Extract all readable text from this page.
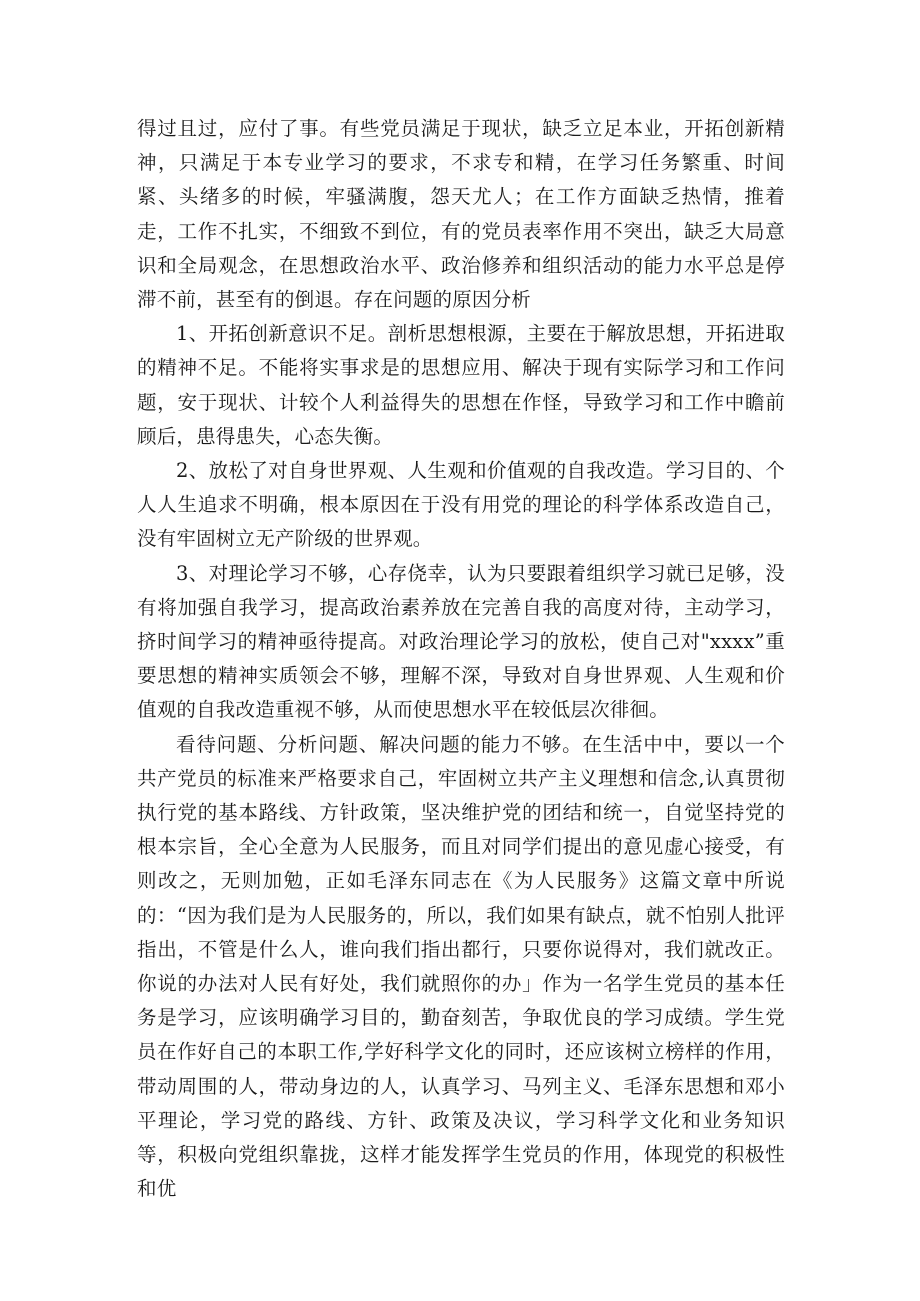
得过且过，应付了事。有些党员满足于现状，缺乏立足本业，开拓创新精神，只满足于本专业学习的要求，不求专和精，在学习任务繁重、时间紧、头绪多的时候，牢骚满腹，怨天尤人；在工作方面缺乏热情，推着走，工作不扎实，不细致不到位，有的党员表率作用不突出，缺乏大局意识和全局观念，在思想政治水平、政治修养和组织活动的能力水平总是停滞不前，甚至有的倒退。存在问题的原因分析

1、开拓创新意识不足。剖析思想根源，主要在于解放思想，开拓进取的精神不足。不能将实事求是的思想应用、解决于现有实际学习和工作问题，安于现状、计较个人利益得失的思想在作怪，导致学习和工作中瞻前顾后，患得患失，心态失衡。

2、放松了对自身世界观、人生观和价值观的自我改造。学习目的、个人人生追求不明确，根本原因在于没有用党的理论的科学体系改造自己，没有牢固树立无产阶级的世界观。

3、对理论学习不够，心存侥幸，认为只要跟着组织学习就已足够，没有将加强自我学习，提高政治素养放在完善自我的高度对待，主动学习，挤时间学习的精神亟待提高。对政治理论学习的放松，使自己对"xxxx”重要思想的精神实质领会不够，理解不深，导致对自身世界观、人生观和价值观的自我改造重视不够，从而使思想水平在较低层次徘徊。

看待问题、分析问题、解决问题的能力不够。在生活中中，要以一个共产党员的标准来严格要求自己，牢固树立共产主义理想和信念,认真贯彻执行党的基本路线、方针政策，坚决维护党的团结和统一，自觉坚持党的根本宗旨，全心全意为人民服务，而且对同学们提出的意见虚心接受，有则改之，无则加勉，正如毛泽东同志在《为人民服务》这篇文章中所说的：“因为我们是为人民服务的，所以，我们如果有缺点，就不怕别人批评指出，不管是什么人，谁向我们指出都行，只要你说得对，我们就改正。你说的办法对人民有好处，我们就照你的办」作为一名学生党员的基本任务是学习，应该明确学习目的，勤奋刻苦，争取优良的学习成绩。学生党员在作好自己的本职工作,学好科学文化的同时，还应该树立榜样的作用，带动周围的人，带动身边的人，认真学习、马列主义、毛泽东思想和邓小平理论，学习党的路线、方针、政策及决议，学习科学文化和业务知识等，积极向党组织靠拢，这样才能发挥学生党员的作用，体现党的积极性和优
